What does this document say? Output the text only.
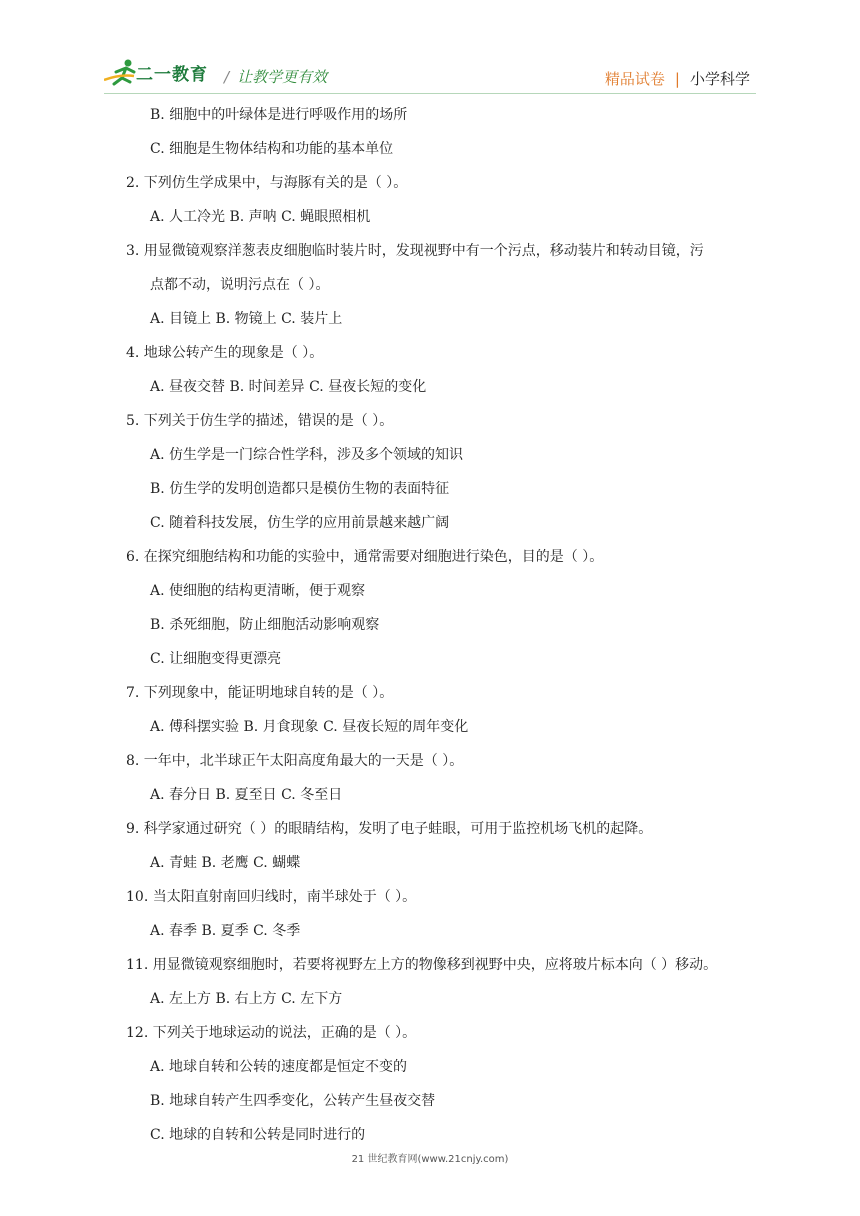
二一教育 / 让教学更有效	精品试卷 | 小学科学
B. 细胞中的叶绿体是进行呼吸作用的场所
C. 细胞是生物体结构和功能的基本单位
2. 下列仿生学成果中，与海豚有关的是（ ）。
A. 人工冷光 B. 声呐 C. 蝇眼照相机
3. 用显微镜观察洋葱表皮细胞临时装片时，发现视野中有一个污点，移动装片和转动目镜，污
点都不动，说明污点在（ ）。
A. 目镜上 B. 物镜上 C. 装片上
4. 地球公转产生的现象是（ ）。
A. 昼夜交替 B. 时间差异 C. 昼夜长短的变化
5. 下列关于仿生学的描述，错误的是（ ）。
A. 仿生学是一门综合性学科，涉及多个领域的知识
B. 仿生学的发明创造都只是模仿生物的表面特征
C. 随着科技发展，仿生学的应用前景越来越广阔
6. 在探究细胞结构和功能的实验中，通常需要对细胞进行染色，目的是（ ）。
A. 使细胞的结构更清晰，便于观察
B. 杀死细胞，防止细胞活动影响观察
C. 让细胞变得更漂亮
7. 下列现象中，能证明地球自转的是（ ）。
A. 傅科摆实验 B. 月食现象 C. 昼夜长短的周年变化
8. 一年中，北半球正午太阳高度角最大的一天是（ ）。
A. 春分日 B. 夏至日 C. 冬至日
9. 科学家通过研究（ ）的眼睛结构，发明了电子蛙眼，可用于监控机场飞机的起降。
A. 青蛙 B. 老鹰 C. 蝴蝶
10. 当太阳直射南回归线时，南半球处于（ ）。
A. 春季 B. 夏季 C. 冬季
11. 用显微镜观察细胞时，若要将视野左上方的物像移到视野中央，应将玻片标本向（ ）移动。
A. 左上方 B. 右上方 C. 左下方
12. 下列关于地球运动的说法，正确的是（ ）。
A. 地球自转和公转的速度都是恒定不变的
B. 地球自转产生四季变化，公转产生昼夜交替
C. 地球的自转和公转是同时进行的
21 世纪教育网(www.21cnjy.com)
